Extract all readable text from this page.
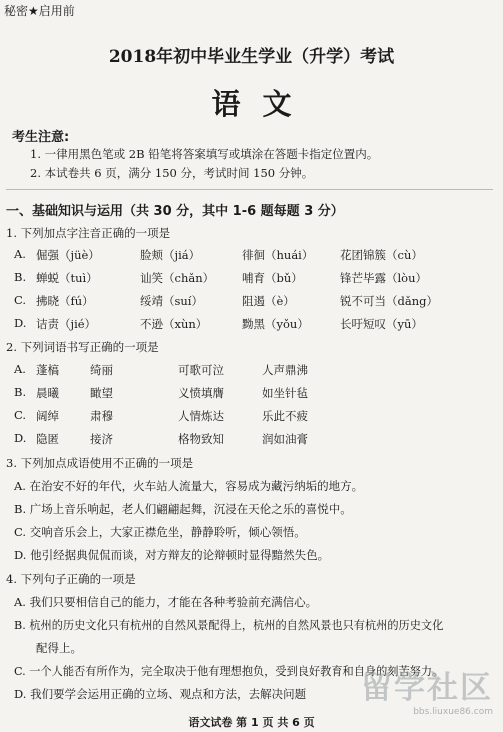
秘密★启用前
2018年初中毕业生学业（升学）考试
语文
考生注意:
1. 一律用黑色笔或 2B 铅笔将答案填写或填涂在答题卡指定位置内。
2. 本试卷共 6 页，满分 150 分，考试时间 150 分钟。
一、基础知识与运用（共 30 分，其中 1-6 题每题 3 分）
1. 下列加点字注音正确的一项是
A. 倔强（jüè）	脸颊（jiá）	徘徊（huái） 花团锦簇（cù）
B. 蝉蜕（tuì）	讪笑（chǎn） 哺育（bǔ）	锋芒毕露（lòu）
C. 拂晓（fú）	绥靖（suí）	阻遏（è）	锐不可当（dǎng）
D. 诘责（jié）	不逊（xùn）	黝黑（yǒu）	长吁短叹（yū）
2. 下列词语书写正确的一项是
A. 蓬槁	绮丽	可歌可泣	人声鼎沸
B. 晨曦	瞰望	义愤填膺	如坐针毡
C. 阔绰	肃穆	人情炼达	乐此不疲
D. 隐匿	接济	格物致知	润如油膏
3. 下列加点成语使用不正确的一项是
A. 在治安不好的年代，火车站人流量大，容易成为藏污纳垢的地方。
B. 广场上音乐响起，老人们翩翩起舞，沉浸在天伦之乐的喜悦中。
C. 交响音乐会上，大家正襟危坐，静静聆听，倾心领悟。
D. 他引经据典侃侃而谈，对方辩友的论辩顿时显得黯然失色。
4. 下列句子正确的一项是
A. 我们只要相信自己的能力，才能在各种考验前充满信心。
B. 杭州的历史文化只有杭州的自然风景配得上，杭州的自然风景也只有杭州的历史文化
配得上。
C. 一个人能否有所作为，完全取决于他有理想抱负，受到良好教育和自身的刻苦努力。
D. 我们要学会运用正确的立场、观点和方法，去解决问题 留学社区
bbs.liuxue86.com
语文试卷 第 1 页 共 6 页
